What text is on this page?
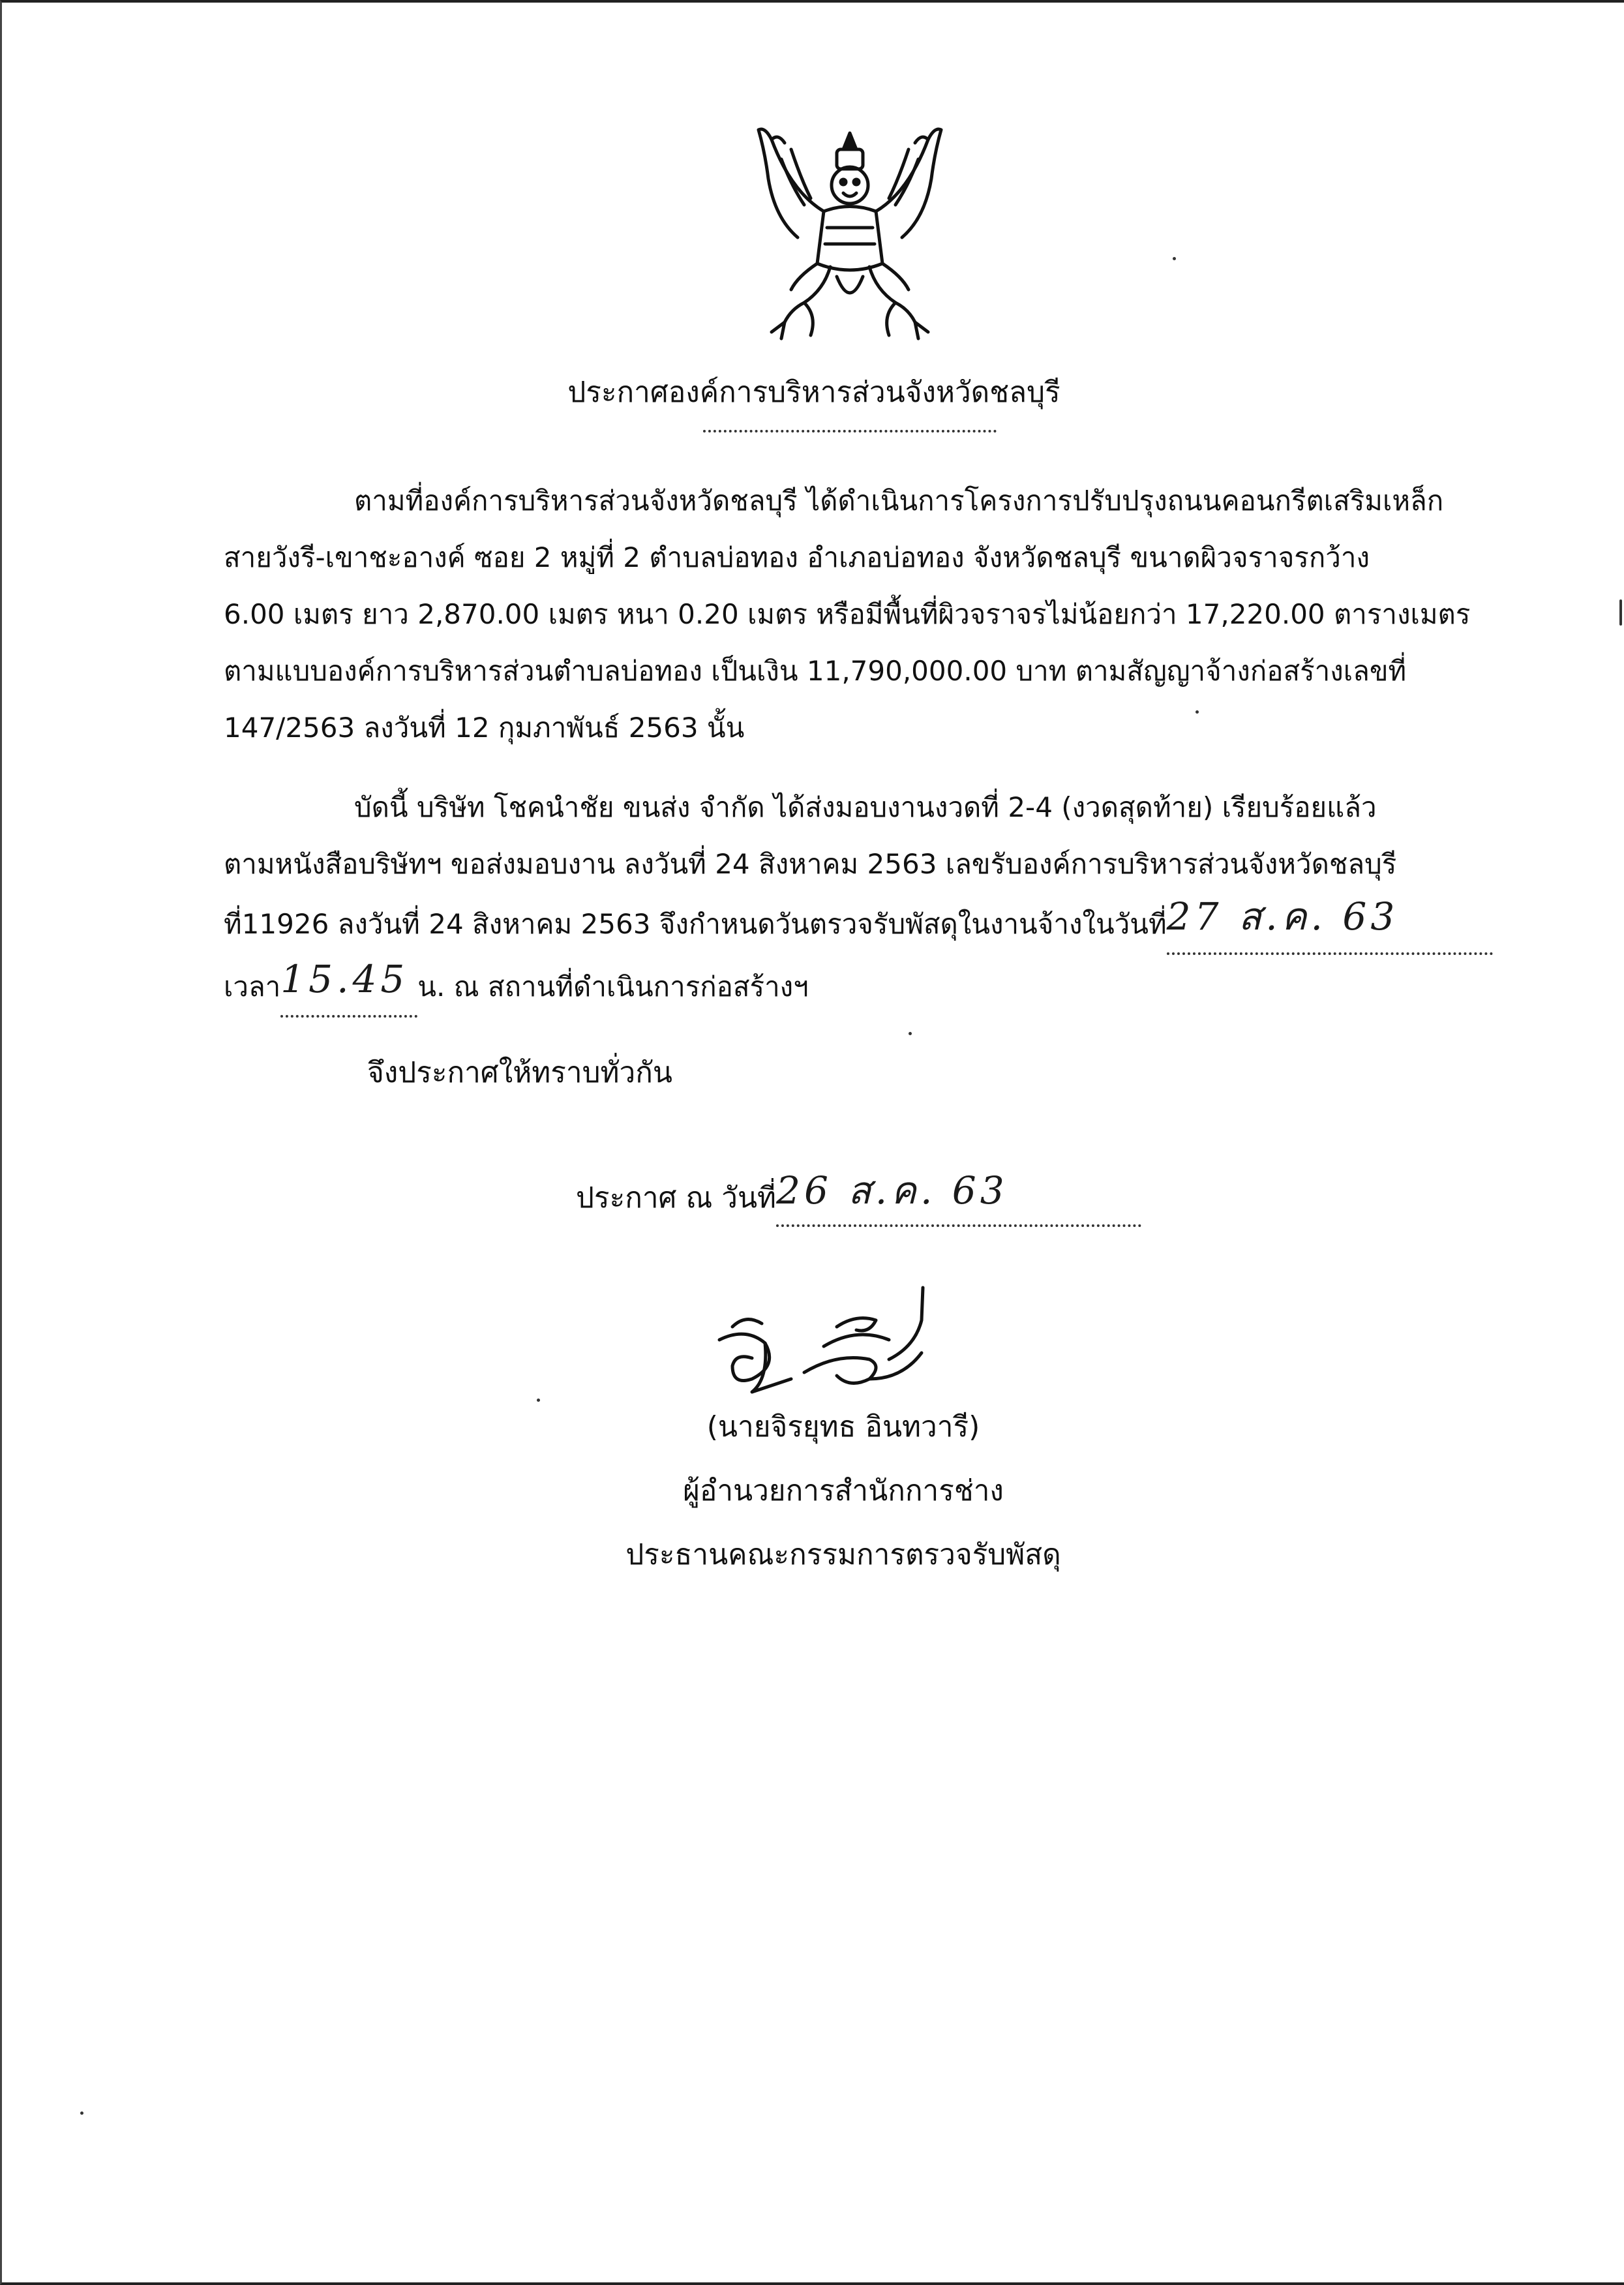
ประกาศองค์การบริหารส่วนจังหวัดชลบุรี
ตามที่องค์การบริหารส่วนจังหวัดชลบุรี ได้ดำเนินการโครงการปรับปรุงถนนคอนกรีตเสริมเหล็ก
สายวังรี-เขาชะอางค์ ซอย 2 หมู่ที่ 2 ตำบลบ่อทอง อำเภอบ่อทอง จังหวัดชลบุรี ขนาดผิวจราจรกว้าง
6.00 เมตร ยาว 2,870.00 เมตร หนา 0.20 เมตร หรือมีพื้นที่ผิวจราจรไม่น้อยกว่า 17,220.00 ตารางเมตร
ตามแบบองค์การบริหารส่วนตำบลบ่อทอง เป็นเงิน 11,790,000.00 บาท ตามสัญญาจ้างก่อสร้างเลขที่
147/2563 ลงวันที่ 12 กุมภาพันธ์ 2563 นั้น
บัดนี้ บริษัท โชคนำชัย ขนส่ง จำกัด ได้ส่งมอบงานงวดที่ 2-4 (งวดสุดท้าย) เรียบร้อยแล้ว
ตามหนังสือบริษัทฯ ขอส่งมอบงาน ลงวันที่ 24 สิงหาคม 2563 เลขรับองค์การบริหารส่วนจังหวัดชลบุรี
ที่11926 ลงวันที่ 24 สิงหาคม 2563 จึงกำหนดวันตรวจรับพัสดุในงานจ้างในวันที่27 ส.ค. 63
เวลา15.45 น. ณ สถานที่ดำเนินการก่อสร้างฯ
จึงประกาศให้ทราบทั่วกัน
ประกาศ ณ วันที่26 ส.ค. 63
(นายจิรยุทธ อินทวารี)
ผู้อำนวยการสำนักการช่าง
ประธานคณะกรรมการตรวจรับพัสดุ
